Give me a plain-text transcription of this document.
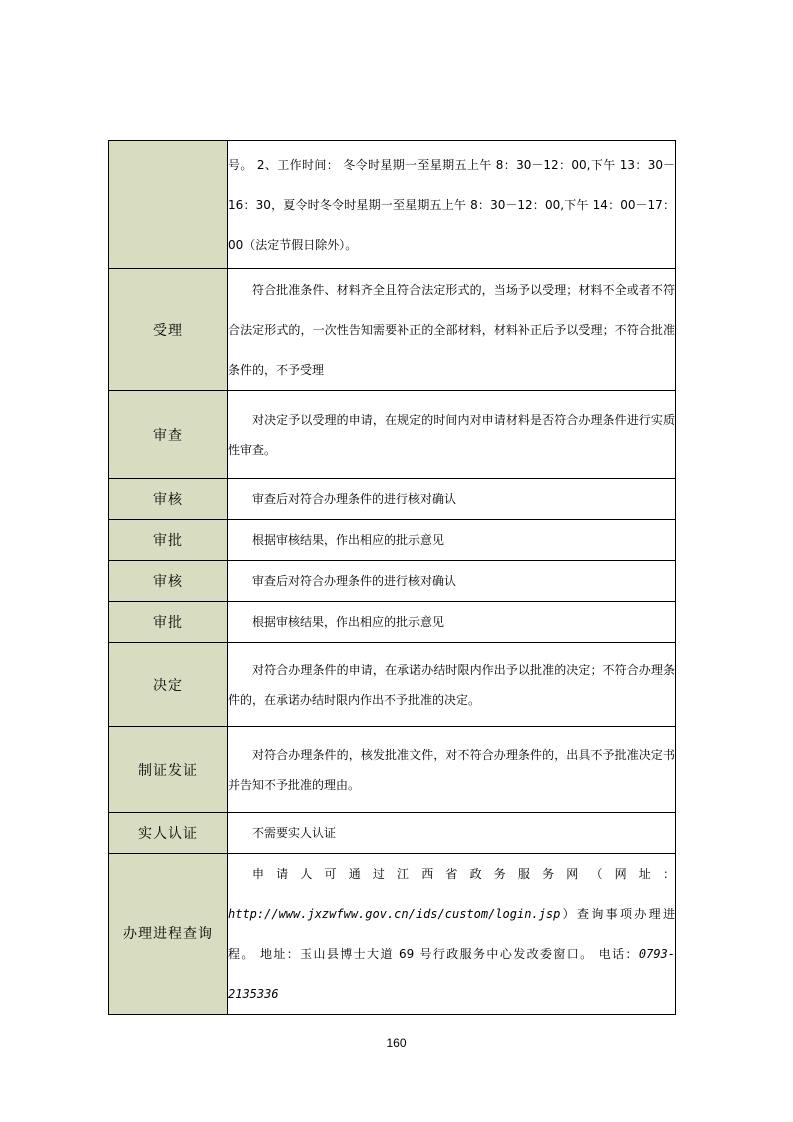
	号。 2、工作时间： 冬令时星期一至星期五上午 8：30－12：00,下午 13：30－16：30，夏令时冬令时星期一至星期五上午 8：30－12：00,下午 14：00－17：00（法定节假日除外）。
受理	符合批准条件、材料齐全且符合法定形式的，当场予以受理；材料不全或者不符合法定形式的，一次性告知需要补正的全部材料，材料补正后予以受理；不符合批准条件的，不予受理
审查	对决定予以受理的申请，在规定的时间内对申请材料是否符合办理条件进行实质性审查。
审核	审查后对符合办理条件的进行核对确认
审批	根据审核结果，作出相应的批示意见
审核	审查后对符合办理条件的进行核对确认
审批	根据审核结果，作出相应的批示意见
决定	对符合办理条件的申请，在承诺办结时限内作出予以批准的决定；不符合办理条件的，在承诺办结时限内作出不予批准的决定。
制证发证	对符合办理条件的，核发批准文件，对不符合办理条件的，出具不予批准决定书并告知不予批准的理由。
实人认证	不需要实人认证
办理进程查询	申请人可通过江西省政务服务网（网址：
http://www.jxzwfww.gov.cn/ids/custom/login.jsp）查询事项办理进程。 地址：玉山县博士大道 69 号行政服务中心发改委窗口。 电话：0793-2135336
160
